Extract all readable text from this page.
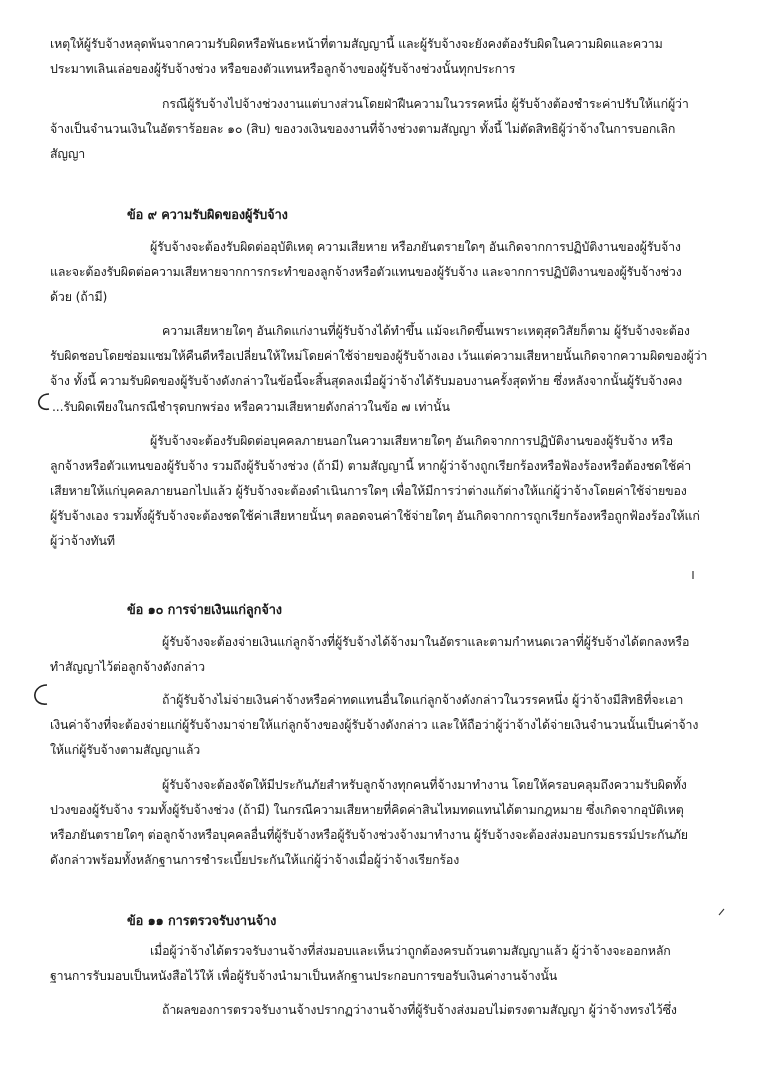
เหตุให้ผู้รับจ้างหลุดพ้นจากความรับผิดหรือพันธะหน้าที่ตามสัญญานี้ และผู้รับจ้างจะยังคงต้องรับผิดในความผิดและความ
ประมาทเลินเล่อของผู้รับจ้างช่วง หรือของตัวแทนหรือลูกจ้างของผู้รับจ้างช่วงนั้นทุกประการ
กรณีผู้รับจ้างไปจ้างช่วงงานแต่บางส่วนโดยฝ่าฝืนความในวรรคหนึ่ง ผู้รับจ้างต้องชำระค่าปรับให้แก่ผู้ว่า
จ้างเป็นจำนวนเงินในอัตราร้อยละ ๑๐ (สิบ) ของวงเงินของงานที่จ้างช่วงตามสัญญา ทั้งนี้ ไม่ตัดสิทธิผู้ว่าจ้างในการบอกเลิก
สัญญา
ข้อ ๙ ความรับผิดของผู้รับจ้าง
ผู้รับจ้างจะต้องรับผิดต่ออุบัติเหตุ ความเสียหาย หรือภยันตรายใดๆ อันเกิดจากการปฏิบัติงานของผู้รับจ้าง
และจะต้องรับผิดต่อความเสียหายจากการกระทำของลูกจ้างหรือตัวแทนของผู้รับจ้าง และจากการปฏิบัติงานของผู้รับจ้างช่วง
ด้วย (ถ้ามี)
ความเสียหายใดๆ อันเกิดแก่งานที่ผู้รับจ้างได้ทำขึ้น แม้จะเกิดขึ้นเพราะเหตุสุดวิสัยก็ตาม ผู้รับจ้างจะต้อง
รับผิดชอบโดยซ่อมแซมให้คืนดีหรือเปลี่ยนให้ใหม่โดยค่าใช้จ่ายของผู้รับจ้างเอง เว้นแต่ความเสียหายนั้นเกิดจากความผิดของผู้ว่า
จ้าง ทั้งนี้ ความรับผิดของผู้รับจ้างดังกล่าวในข้อนี้จะสิ้นสุดลงเมื่อผู้ว่าจ้างได้รับมอบงานครั้งสุดท้าย ซึ่งหลังจากนั้นผู้รับจ้างคง
...รับผิดเพียงในกรณีชำรุดบกพร่อง หรือความเสียหายดังกล่าวในข้อ ๗ เท่านั้น
ผู้รับจ้างจะต้องรับผิดต่อบุคคลภายนอกในความเสียหายใดๆ อันเกิดจากการปฏิบัติงานของผู้รับจ้าง หรือ
ลูกจ้างหรือตัวแทนของผู้รับจ้าง รวมถึงผู้รับจ้างช่วง (ถ้ามี) ตามสัญญานี้ หากผู้ว่าจ้างถูกเรียกร้องหรือฟ้องร้องหรือต้องชดใช้ค่า
เสียหายให้แก่บุคคลภายนอกไปแล้ว ผู้รับจ้างจะต้องดำเนินการใดๆ เพื่อให้มีการว่าต่างแก้ต่างให้แก่ผู้ว่าจ้างโดยค่าใช้จ่ายของ
ผู้รับจ้างเอง รวมทั้งผู้รับจ้างจะต้องชดใช้ค่าเสียหายนั้นๆ ตลอดจนค่าใช้จ่ายใดๆ อันเกิดจากการถูกเรียกร้องหรือถูกฟ้องร้องให้แก่
ผู้ว่าจ้างทันที
ข้อ ๑๐ การจ่ายเงินแก่ลูกจ้าง
ผู้รับจ้างจะต้องจ่ายเงินแก่ลูกจ้างที่ผู้รับจ้างได้จ้างมาในอัตราและตามกำหนดเวลาที่ผู้รับจ้างได้ตกลงหรือ
ทำสัญญาไว้ต่อลูกจ้างดังกล่าว
ถ้าผู้รับจ้างไม่จ่ายเงินค่าจ้างหรือค่าทดแทนอื่นใดแก่ลูกจ้างดังกล่าวในวรรคหนึ่ง ผู้ว่าจ้างมีสิทธิที่จะเอา
เงินค่าจ้างที่จะต้องจ่ายแก่ผู้รับจ้างมาจ่ายให้แก่ลูกจ้างของผู้รับจ้างดังกล่าว และให้ถือว่าผู้ว่าจ้างได้จ่ายเงินจำนวนนั้นเป็นค่าจ้าง
ให้แก่ผู้รับจ้างตามสัญญาแล้ว
ผู้รับจ้างจะต้องจัดให้มีประกันภัยสำหรับลูกจ้างทุกคนที่จ้างมาทำงาน โดยให้ครอบคลุมถึงความรับผิดทั้ง
ปวงของผู้รับจ้าง รวมทั้งผู้รับจ้างช่วง (ถ้ามี) ในกรณีความเสียหายที่คิดค่าสินไหมทดแทนได้ตามกฎหมาย ซึ่งเกิดจากอุบัติเหตุ
หรือภยันตรายใดๆ ต่อลูกจ้างหรือบุคคลอื่นที่ผู้รับจ้างหรือผู้รับจ้างช่วงจ้างมาทำงาน ผู้รับจ้างจะต้องส่งมอบกรมธรรม์ประกันภัย
ดังกล่าวพร้อมทั้งหลักฐานการชำระเบี้ยประกันให้แก่ผู้ว่าจ้างเมื่อผู้ว่าจ้างเรียกร้อง
ข้อ ๑๑ การตรวจรับงานจ้าง
เมื่อผู้ว่าจ้างได้ตรวจรับงานจ้างที่ส่งมอบและเห็นว่าถูกต้องครบถ้วนตามสัญญาแล้ว ผู้ว่าจ้างจะออกหลัก
ฐานการรับมอบเป็นหนังสือไว้ให้ เพื่อผู้รับจ้างนำมาเป็นหลักฐานประกอบการขอรับเงินค่างานจ้างนั้น
ถ้าผลของการตรวจรับงานจ้างปรากฏว่างานจ้างที่ผู้รับจ้างส่งมอบไม่ตรงตามสัญญา ผู้ว่าจ้างทรงไว้ซึ่ง
